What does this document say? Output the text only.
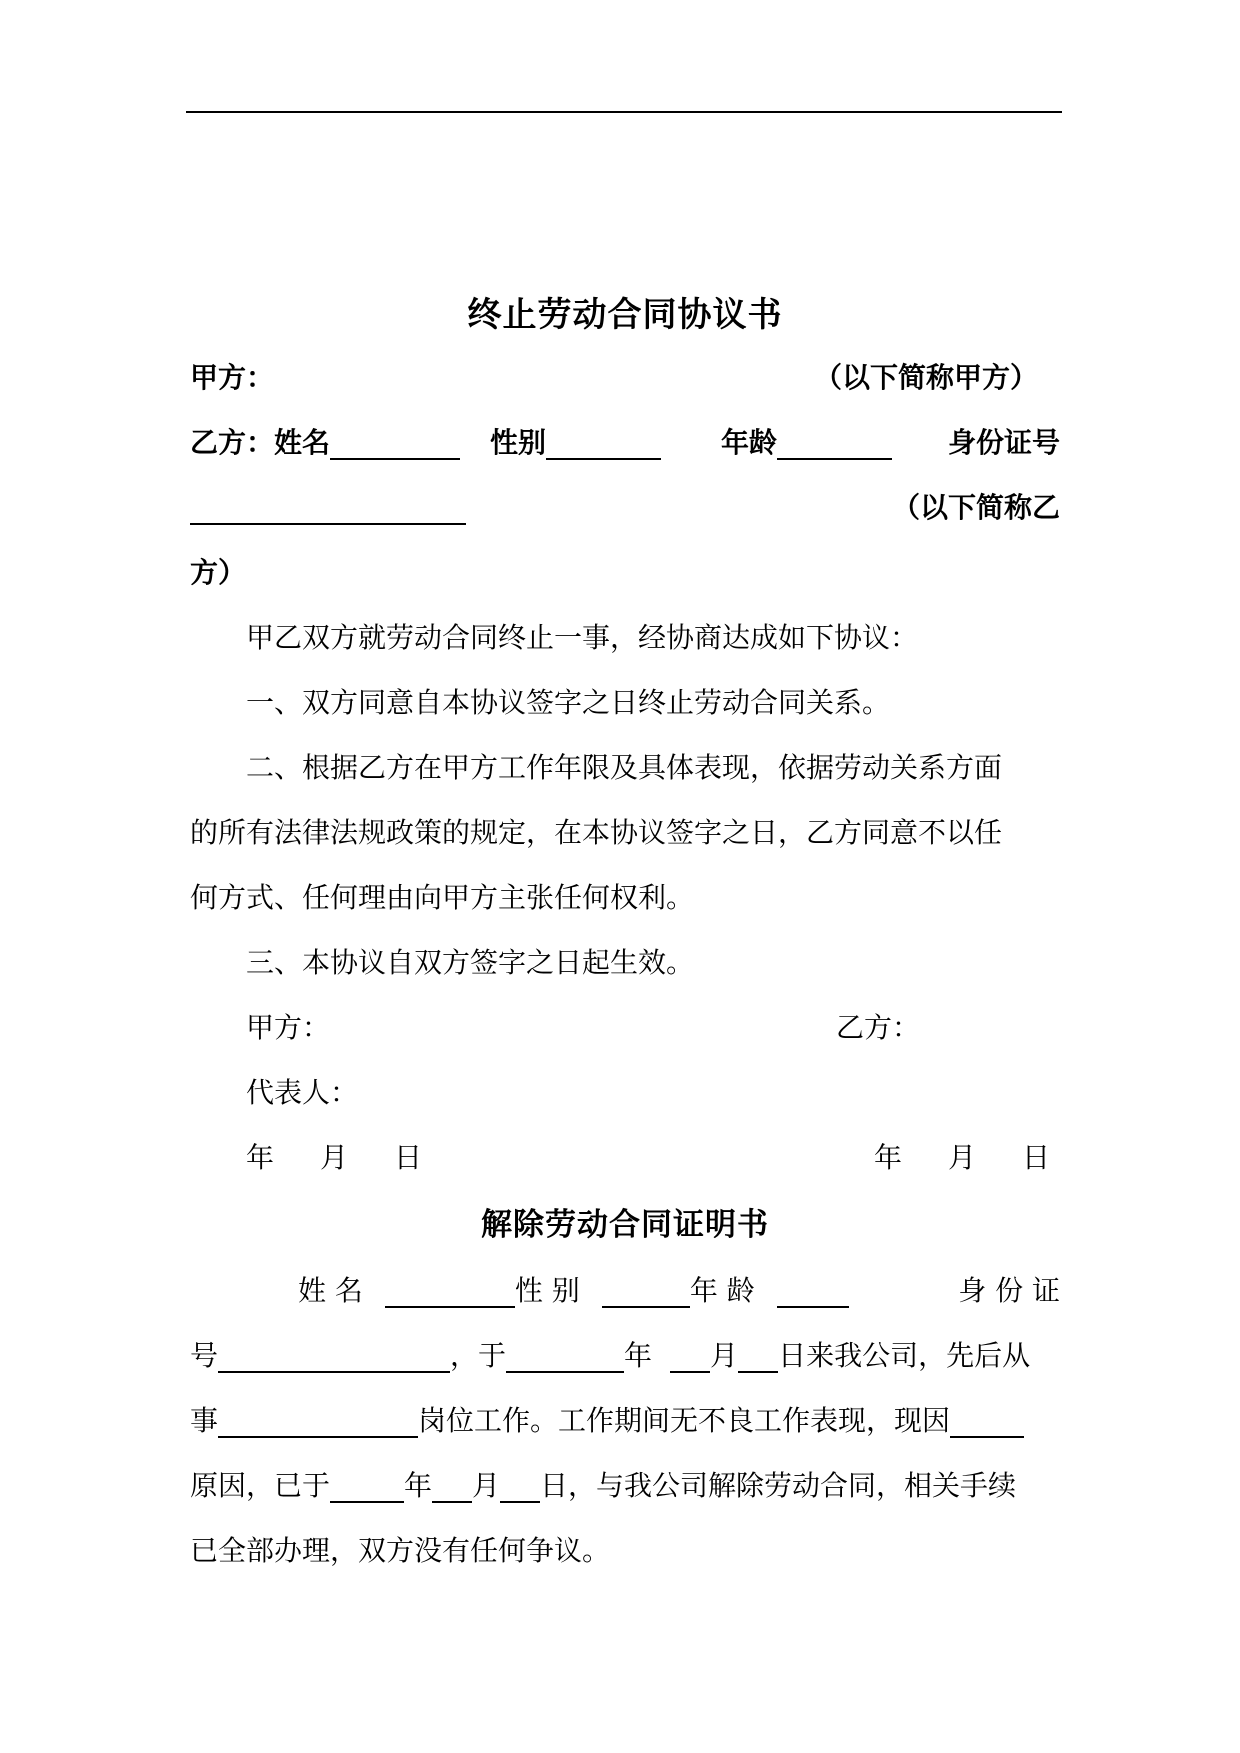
终止劳动合同协议书
甲方：	（以下简称甲方）
乙方：姓名	性别	年龄	身份证号
（以下简称乙
方）
甲乙双方就劳动合同终止一事，经协商达成如下协议：
一、双方同意自本协议签字之日终止劳动合同关系。
二、根据乙方在甲方工作年限及具体表现，依据劳动关系方面
的所有法律法规政策的规定，在本协议签字之日，乙方同意不以任
何方式、任何理由向甲方主张任何权利。
三、本协议自双方签字之日起生效。
甲方：	乙方：
代表人：
年 月 日	年 月 日
解除劳动合同证明书
姓 名	性 别	年 龄	身 份 证
号	，于	年 月 日来我公司，先后从
事	岗位工作。工作期间无不良工作表现，现因
原因，已于	年 月 日，与我公司解除劳动合同，相关手续
已全部办理，双方没有任何争议。
